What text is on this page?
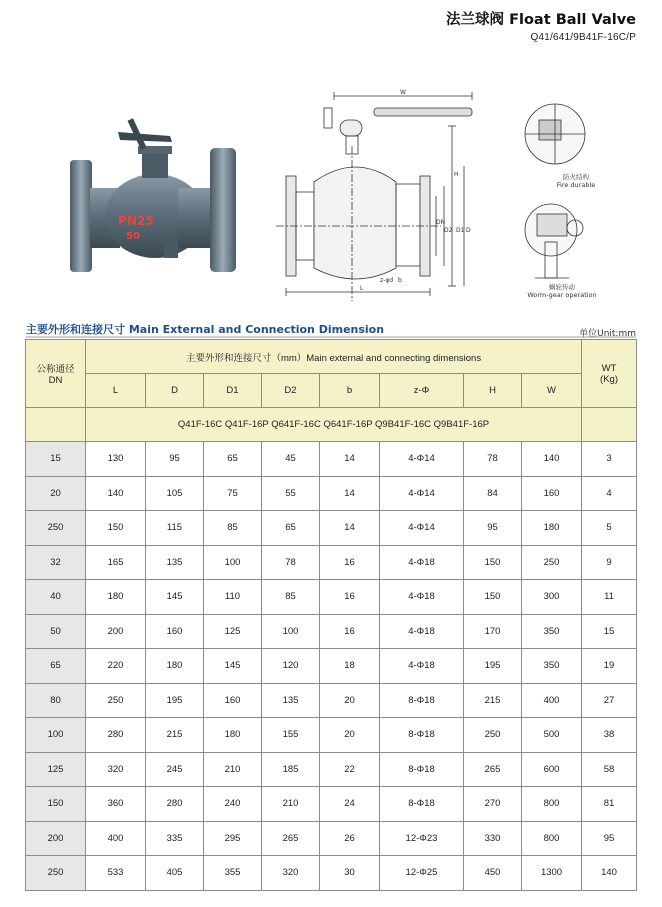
法兰球阀 Float Ball Valve
Q41/641/9B41F-16C/P
PN25
50
W
H
L
DN
D2 D1 D
b
z-φd
防火结构
Fire durable
蜗轮传动
Worm-gear operation
主要外形和连接尺寸 Main External and Connection Dimension	单位Unit:mm
公称通径
DN	主要外形和连接尺寸（mm）Main external and connecting dimensions								WT
(Kg)
	L	D	D1	D2	b	z-Φ	H	W	
	Q41F-16C Q41F-16P Q641F-16C Q641F-16P Q9B41F-16C Q9B41F-16P								
15	130	95	65	45	14	4-Φ14	78	140	3
20	140	105	75	55	14	4-Φ14	84	160	4
250	150	115	85	65	14	4-Φ14	95	180	5
32	165	135	100	78	16	4-Φ18	150	250	9
40	180	145	110	85	16	4-Φ18	150	300	11
50	200	160	125	100	16	4-Φ18	170	350	15
65	220	180	145	120	18	4-Φ18	195	350	19
80	250	195	160	135	20	8-Φ18	215	400	27
100	280	215	180	155	20	8-Φ18	250	500	38
125	320	245	210	185	22	8-Φ18	265	600	58
150	360	280	240	210	24	8-Φ18	270	800	81
200	400	335	295	265	26	12-Φ23	330	800	95
250	533	405	355	320	30	12-Φ25	450	1300	140
